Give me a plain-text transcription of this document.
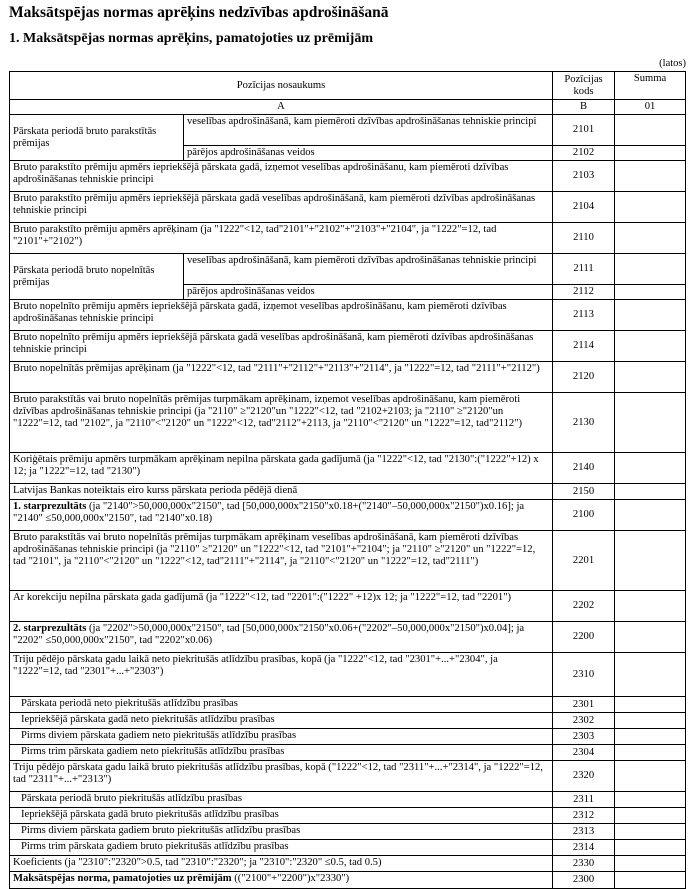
Maksātspējas normas aprēķins nedzīvības apdrošināšanā
1. Maksātspējas normas aprēķins, pamatojoties uz prēmijām
(latos)
Pozīcijas nosaukums		Pozīcijas kods	Summa
A		B	01
Pārskata periodā bruto parakstītās prēmijas	veselības apdrošināšanā, kam piemēroti dzīvības apdrošināšanas tehniskie principi	2101	
	pārējos apdrošināšanas veidos	2102	
Bruto parakstīto prēmiju apmērs iepriekšējā pārskata gadā, izņemot veselības apdrošināšanu, kam piemēroti dzīvības apdrošināšanas tehniskie principi		2103	
Bruto parakstīto prēmiju apmērs iepriekšējā pārskata gadā veselības apdrošināšanā, kam piemēroti dzīvības apdrošināšanas tehniskie principi		2104	
Bruto parakstīto prēmiju apmērs aprēķinam (ja "1222"<12, tad"2101"+"2102"+"2103"+"2104", ja "1222"=12, tad "2101"+"2102")		2110	
Pārskata periodā bruto nopelnītās prēmijas	veselības apdrošināšanā, kam piemēroti dzīvības apdrošināšanas tehniskie principi	2111	
	pārējos apdrošināšanas veidos	2112	
Bruto nopelnīto prēmiju apmērs iepriekšējā pārskata gadā, izņemot veselības apdrošināšanu, kam piemēroti dzīvības apdrošināšanas tehniskie principi		2113	
Bruto nopelnīto prēmiju apmērs iepriekšējā pārskata gadā veselības apdrošināšanā, kam piemēroti dzīvības apdrošināšanas tehniskie principi		2114	
Bruto nopelnītās prēmijas aprēķinam (ja "1222"<12, tad "2111"+"2112"+"2113"+"2114", ja "1222"=12, tad "2111"+"2112")		2120	
Bruto parakstītās vai bruto nopelnītās prēmijas turpmākam aprēķinam, izņemot veselības apdrošināšanu, kam piemēroti dzīvības apdrošināšanas tehniskie principi (ja "2110" ≥"2120"un "1222"<12, tad "2102+2103; ja "2110" ≥"2120"un "1222"=12, tad "2102", ja "2110"<"2120" un "1222"<12, tad"2112"+2113, ja "2110"<"2120" un "1222"=12, tad"2112")		2130	
Koriģētais prēmiju apmērs turpmākam aprēķinam nepilna pārskata gada gadījumā (ja "1222"<12, tad "2130":("1222"+12) x 12; ja "1222"=12, tad "2130")		2140	
Latvijas Bankas noteiktais eiro kurss pārskata perioda pēdējā dienā		2150	
1. starprezultāts (ja "2140">50,000,000x"2150", tad [50,000,000x"2150"x0.18+("2140"–50,000,000x"2150")x0.16]; ja "2140" ≤50,000,000x"2150", tad "2140"x0.18)		2100	
Bruto parakstītās vai bruto nopelnītās prēmijas turpmākam aprēķinam veselības apdrošināšanā, kam piemēroti dzīvības apdrošināšanas tehniskie principi (ja "2110" ≥"2120" un "1222"<12, tad "2101"+"2104"; ja "2110" ≥"2120" un "1222"=12, tad "2101", ja "2110"<"2120" un "1222"<12, tad"2111"+"2114", ja "2110"<"2120" un "1222"=12, tad"2111")		2201	
Ar korekciju nepilna pārskata gada gadījumā (ja "1222"<12, tad "2201":("1222" +12)x 12; ja "1222"=12, tad "2201")		2202	
2. starprezultāts (ja "2202">50,000,000x"2150", tad [50,000,000x"2150"x0.06+("2202"–50,000,000x"2150")x0.04]; ja "2202" ≤50,000,000x"2150", tad "2202"x0.06)		2200	
Triju pēdējo pārskata gadu laikā neto piekritušās atlīdzību prasības, kopā (ja "1222"<12, tad "2301"+...+"2304", ja "1222"=12, tad "2301"+...+"2303")		2310	
Pārskata periodā neto piekritušās atlīdzību prasības		2301	
Iepriekšējā pārskata gadā neto piekritušās atlīdzību prasības		2302	
Pirms diviem pārskata gadiem neto piekritušās atlīdzību prasības		2303	
Pirms trim pārskata gadiem neto piekritušās atlīdzību prasības		2304	
Triju pēdējo pārskata gadu laikā bruto piekritušās atlīdzību prasības, kopā ("1222"<12, tad "2311"+...+"2314", ja "1222"=12, tad "2311"+...+"2313")		2320	
Pārskata periodā bruto piekritušās atlīdzību prasības		2311	
Iepriekšējā pārskata gadā bruto piekritušās atlīdzību prasības		2312	
Pirms diviem pārskata gadiem bruto piekritušās atlīdzību prasības		2313	
Pirms trim pārskata gadiem bruto piekritušās atlīdzību prasības		2314	
Koeficients (ja "2310":"2320">0.5, tad "2310":"2320"; ja "2310":"2320" ≤0.5, tad 0.5)		2330	
Maksātspējas norma, pamatojoties uz prēmijām (("2100"+"2200")x"2330")		2300	
